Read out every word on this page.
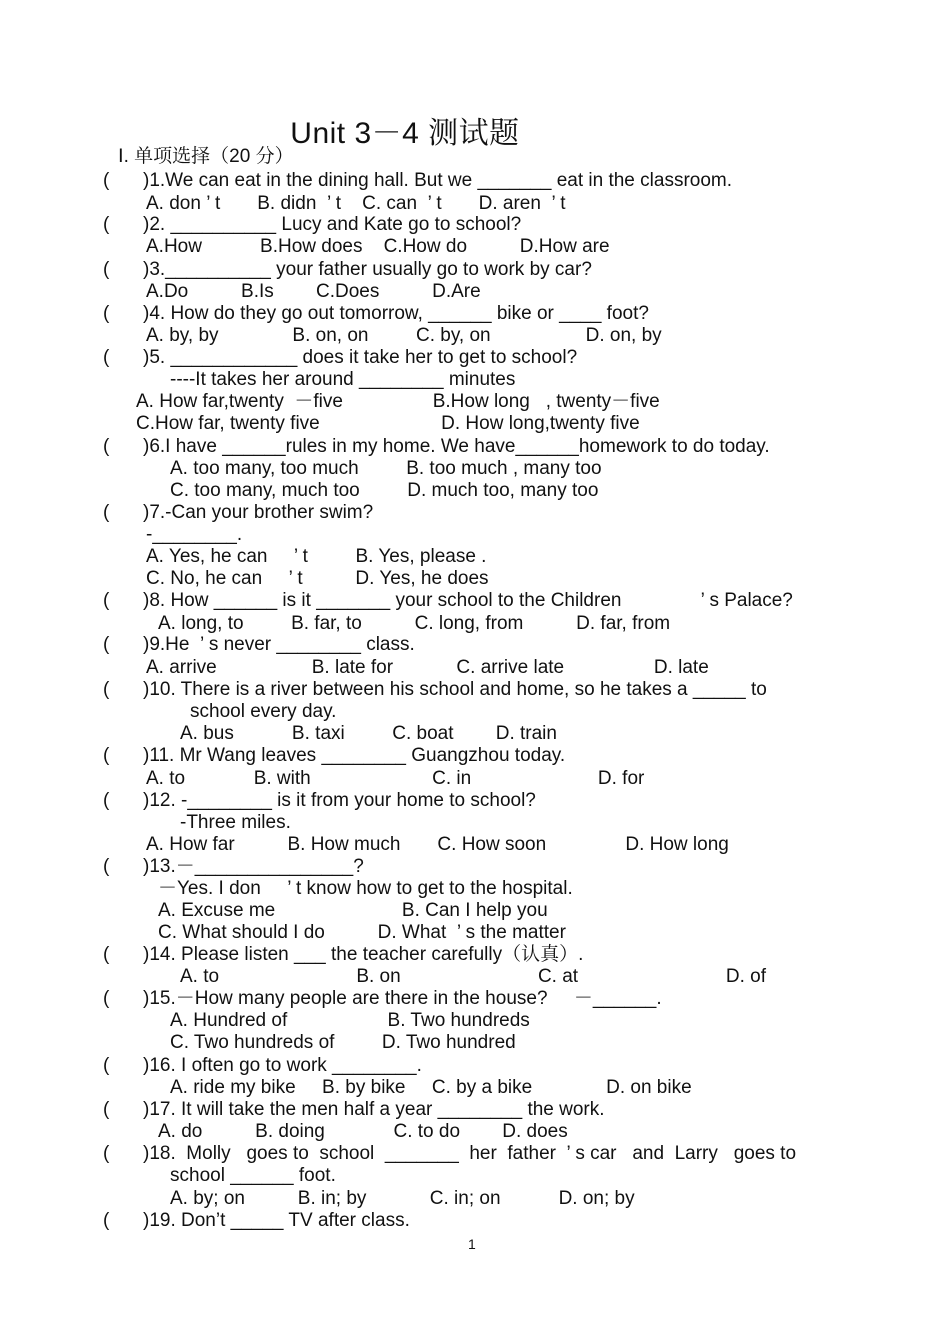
Unit 3－4 测试题
Ⅰ. 单项选择（20 分）
( )1.We can eat in the dining hall. But we _______ eat in the classroom.
A. don ’ t       B. didn  ’ t    C. can  ’ t       D. aren  ’ t
( )2. __________ Lucy and Kate go to school?
A.How           B.How does    C.How do          D.How are
( )3.__________ your father usually go to work by car?
A.Do          B.Is        C.Does          D.Are
( )4. How do they go out tomorrow, ______ bike or ____ foot?
A. by, by              B. on, on         C. by, on                  D. on, by
( )5. ____________ does it take her to get to school?
----It takes her around ________ minutes
A. How far,twenty  －five                 B.How long   , twenty－five
C.How far, twenty five                       D. How long,twenty five
( )6.I have ______rules in my home. We have______homework to do today.
A. too many, too much         B. too much , many too
C. too many, much too         D. much too, many too
( )7.-Can your brother swim?
-________.
A. Yes, he can     ’ t         B. Yes, please .
C. No, he can     ’ t          D. Yes, he does
( )8. How ______ is it _______ your school to the Children               ’ s Palace?
A. long, to         B. far, to          C. long, from          D. far, from
( )9.He  ’ s never ________ class.
A. arrive                  B. late for            C. arrive late                 D. late
( )10. There is a river between his school and home, so he takes a _____ to
school every day.
A. bus           B. taxi         C. boat        D. train
( )11. Mr Wang leaves ________ Guangzhou today.
A. to             B. with                       C. in                        D. for
( )12. -________ is it from your home to school?
-Three miles.
A. How far          B. How much       C. How soon               D. How long
( )13.－_______________?
－Yes. I don     ’ t know how to get to the hospital.
A. Excuse me                        B. Can I help you
C. What should I do          D. What  ’ s the matter
( )14. Please listen ___ the teacher carefully（认真）.
A. to                          B. on                          C. at                            D. of
( )15.－How many people are there in the house?     －______.
A. Hundred of                   B. Two hundreds
C. Two hundreds of         D. Two hundred
( )16. I often go to work ________.
A. ride my bike     B. by bike     C. by a bike              D. on bike
( )17. It will take the men half a year ________ the work.
A. do          B. doing             C. to do        D. does
( )18.  Molly   goes to  school  _______  her  father  ’ s car   and  Larry   goes to
school ______ foot.
A. by; on          B. in; by            C. in; on           D. on; by
( )19. Don’t _____ TV after class.
1
